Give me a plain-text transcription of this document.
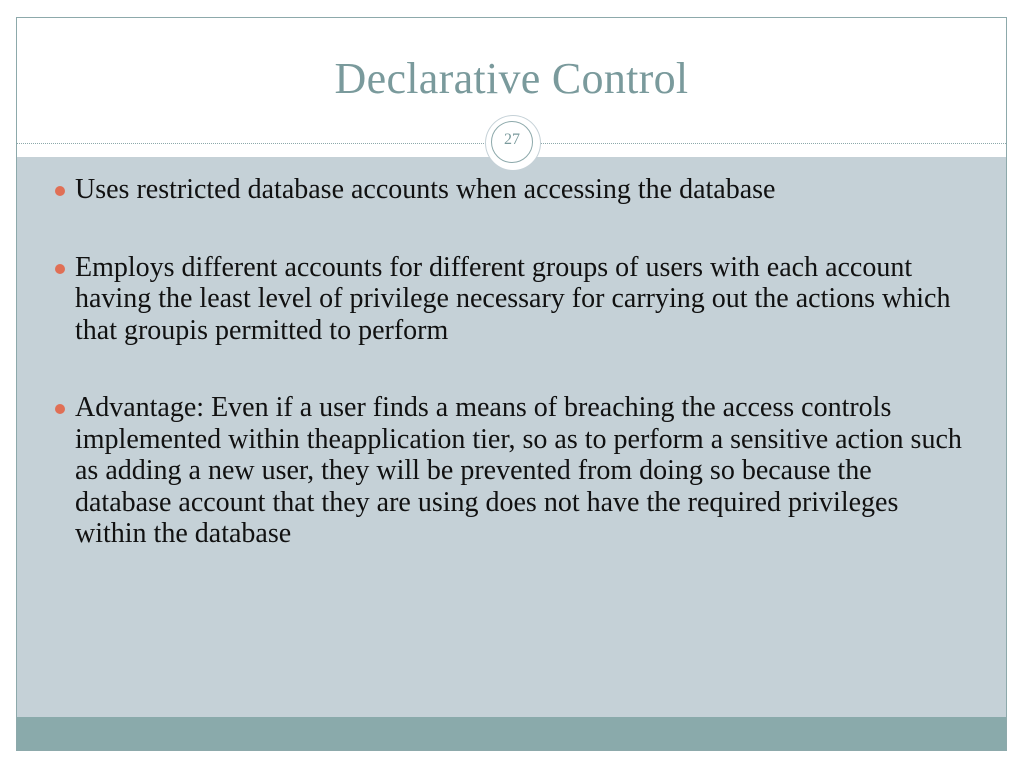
Declarative Control
27
Uses restricted database accounts when accessing the database
Employs different accounts for different groups of users with each account having the least level of privilege necessary for carrying out the actions which that groupis permitted to perform
Advantage: Even if a user finds a means of breaching the access controls implemented within theapplication tier, so as to perform a sensitive action such as adding a new user, they will be prevented from doing so because the database account that they are using does not have the required privileges within the database
